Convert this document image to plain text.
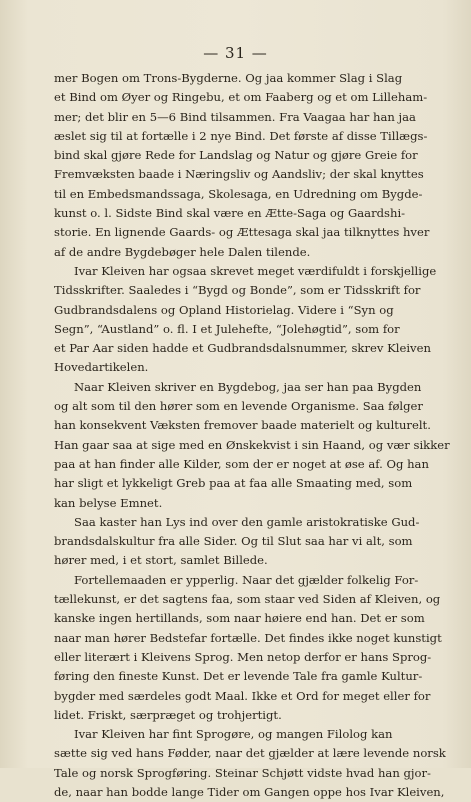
— 31 —

mer Bogen om Trons-Bygderne. Og jaa kommer Slag i Slag

et Bind om Øyer og Ringebu, et om Faaberg og et om Lilleham-

mer; det blir en 5—6 Bind tilsammen. Fra Vaagaa har han jaa

æslet sig til at fortælle i 2 nye Bind. Det første af disse Tillægs-

bind skal gjøre Rede for Landslag og Natur og gjøre Greie for

Fremvæksten baade i Næringsliv og Aandsliv; der skal knyttes

til en Embedsmandssaga, Skolesaga, en Udredning om Bygde-

kunst o. l. Sidste Bind skal være en Ætte-Saga og Gaardshi-

storie. En lignende Gaards- og Ættesaga skal jaa tilknyttes hver

af de andre Bygdebøger hele Dalen tilende.

Ivar Kleiven har ogsaa skrevet meget værdifuldt i forskjellige

Tidsskrifter. Saaledes i “Bygd og Bonde”, som er Tidsskrift for

Gudbrandsdalens og Opland Historielag. Videre i “Syn og

Segn”, “Austland” o. fl. I et Julehefte, “Jolehøgtid”, som for

et Par Aar siden hadde et Gudbrandsdalsnummer, skrev Kleiven

Hovedartikelen.

Naar Kleiven skriver en Bygdebog, jaa ser han paa Bygden

og alt som til den hører som en levende Organisme. Saa følger

han konsekvent Væksten fremover baade materielt og kulturelt.

Han gaar saa at sige med en Ønskekvist i sin Haand, og vær sikker

paa at han finder alle Kilder, som der er noget at øse af. Og han

har sligt et lykkeligt Greb paa at faa alle Smaating med, som

kan belyse Emnet.

Saa kaster han Lys ind over den gamle aristokratiske Gud-

brandsdalskultur fra alle Sider. Og til Slut saa har vi alt, som

hører med, i et stort, samlet Billede.

Fortellemaaden er ypperlig. Naar det gjælder folkelig For-

tællekunst, er det sagtens faa, som staar ved Siden af Kleiven, og

kanske ingen hertillands, som naar høiere end han. Det er som

naar man hører Bedstefar fortælle. Det findes ikke noget kunstigt

eller literært i Kleivens Sprog. Men netop derfor er hans Sprog-

føring den fineste Kunst. Det er levende Tale fra gamle Kultur-

bygder med særdeles godt Maal. Ikke et Ord for meget eller for

lidet. Friskt, særpræget og trohjertigt.

Ivar Kleiven har fint Sprogøre, og mangen Filolog kan

sætte sig ved hans Fødder, naar det gjælder at lære levende norsk

Tale og norsk Sprogføring. Steinar Schjøtt vidste hvad han gjor-

de, naar han bodde lange Tider om Gangen oppe hos Ivar Kleiven,
